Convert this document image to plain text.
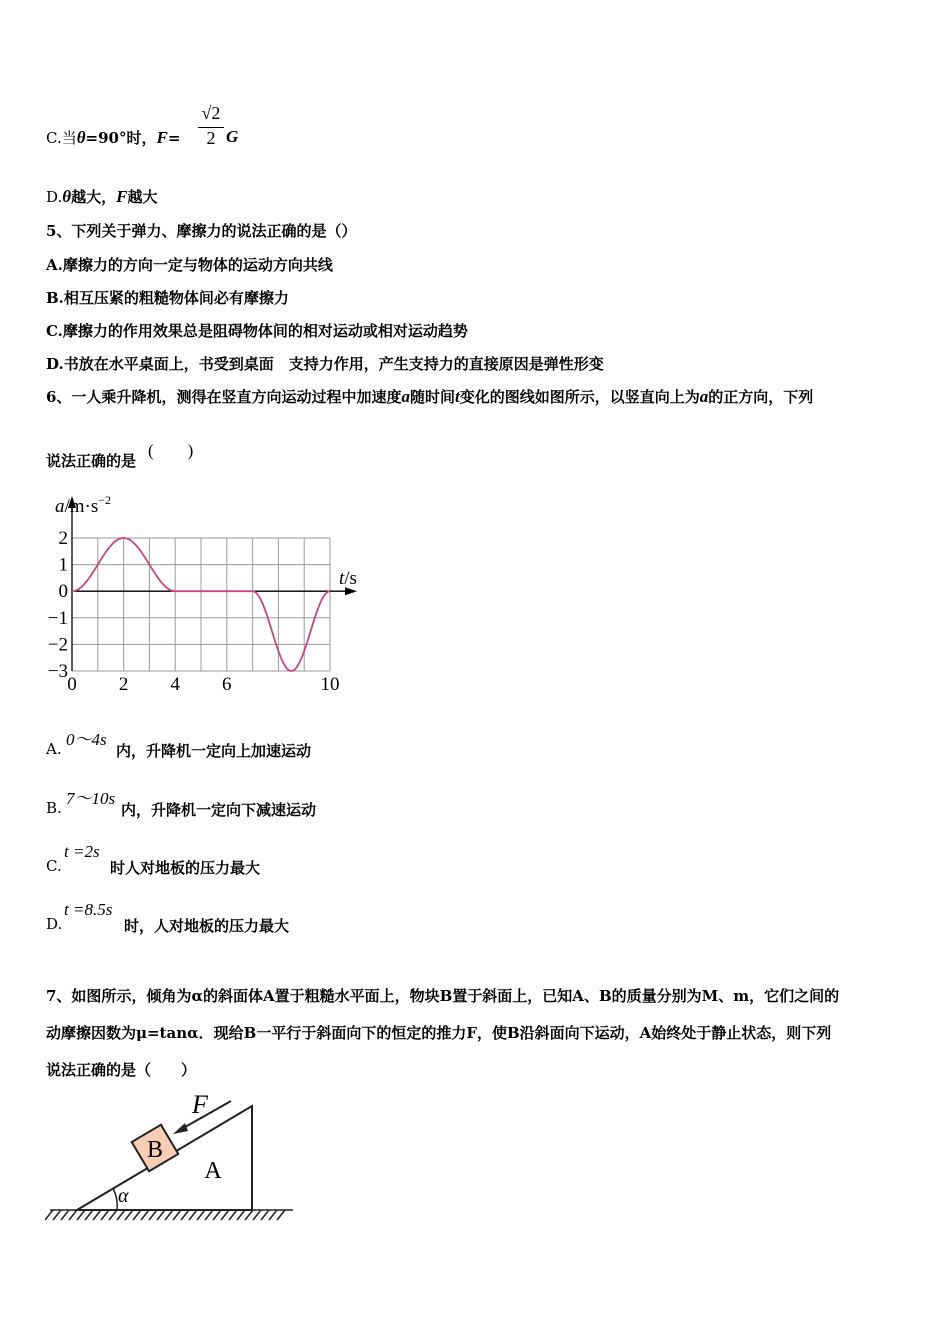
C.当θ=90°时，F=
√2
2 G
D.θ越大，F越大
5、下列关于弹力、摩擦力的说法正确的是（）
A.摩擦力的方向一定与物体的运动方向共线
B.相互压紧的粗糙物体间必有摩擦力
C.摩擦力的作用效果总是阻碍物体间的相对运动或相对运动趋势
D.书放在水平桌面上，书受到桌面　支持力作用，产生支持力的直接原因是弹性形变
6、一人乘升降机，测得在竖直方向运动过程中加速度a随时间t变化的图线如图所示，以竖直向上为a的正方向，下列
说法正确的是
(　　)
0 2 4 6	10
2
1
0
−1
−2
−3
$a/m\cdot s^{-2}$
t/s
A. 0～4s
内，升降机一定向上加速运动
B. 7～10s
内，升降机一定向下减速运动
C.
t =2s
时人对地板的压力最大
D.
t =8.5s
时，人对地板的压力最大
7、如图所示，倾角为α的斜面体A置于粗糙水平面上，物块B置于斜面上，已知A、B的质量分别为M、m，它们之间的
动摩擦因数为μ=tanα．现给B一平行于斜面向下的恒定的推力F，使B沿斜面向下运动，A始终处于静止状态，则下列
说法正确的是（　　）
B
F
A
α
